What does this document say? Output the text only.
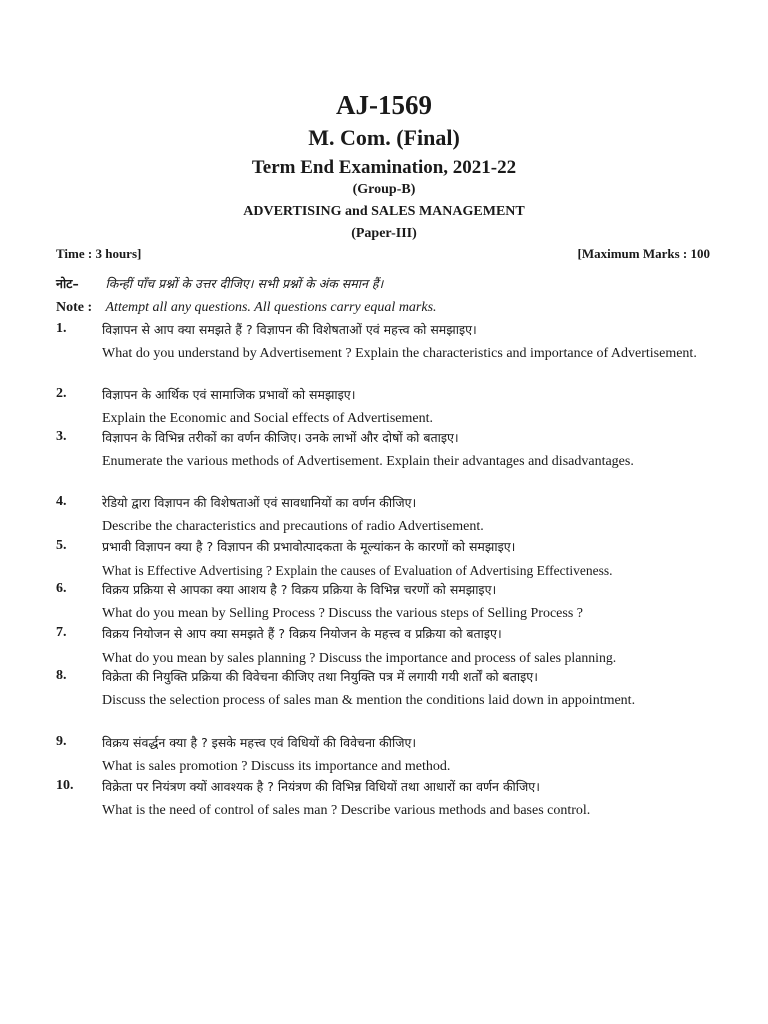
AJ-1569
M. Com. (Final)
Term End Examination, 2021-22
(Group-B)
ADVERTISING and SALES MANAGEMENT
(Paper-III)
Time : 3 hours]	[Maximum Marks : 100
नोट– किन्हीं पाँच प्रश्नों के उत्तर दीजिए। सभी प्रश्नों के अंक समान हैं।
Note : Attempt all any questions. All questions carry equal marks.
1.	विज्ञापन से आप क्या समझते हैं ? विज्ञापन की विशेषताओं एवं महत्त्व को समझाइए।
What do you understand by Advertisement ? Explain the characteristics and importance of Advertisement.
2.	विज्ञापन के आर्थिक एवं सामाजिक प्रभावों को समझाइए।
Explain the Economic and Social effects of Advertisement.
3.	विज्ञापन के विभिन्न तरीकों का वर्णन कीजिए। उनके लाभों और दोषों को बताइए।
Enumerate the various methods of Advertisement. Explain their advantages and disadvantages.
4.	रेडियो द्वारा विज्ञापन की विशेषताओं एवं सावधानियों का वर्णन कीजिए।
Describe the characteristics and precautions of radio Advertisement.
5.	प्रभावी विज्ञापन क्या है ? विज्ञापन की प्रभावोत्पादकता के मूल्यांकन के कारणों को समझाइए।
What is Effective Advertising ? Explain the causes of Evaluation of Advertising Effectiveness.
6.	विक्रय प्रक्रिया से आपका क्या आशय है ? विक्रय प्रक्रिया के विभिन्न चरणों को समझाइए।
What do you mean by Selling Process ? Discuss the various steps of Selling Process ?
7.	विक्रय नियोजन से आप क्या समझते हैं ? विक्रय नियोजन के महत्त्व व प्रक्रिया को बताइए।
What do you mean by sales planning ? Discuss the importance and process of sales planning.
8.	विक्रेता की नियुक्ति प्रक्रिया की विवेचना कीजिए तथा नियुक्ति पत्र में लगायी गयी शर्तों को बताइए।
Discuss the selection process of sales man & mention the conditions laid down in appointment.
9.	विक्रय संवर्द्धन क्या है ? इसके महत्त्व एवं विधियों की विवेचना कीजिए।
What is sales promotion ? Discuss its importance and method.
10.	विक्रेता पर नियंत्रण क्यों आवश्यक है ? नियंत्रण की विभिन्न विधियों तथा आधारों का वर्णन कीजिए।
What is the need of control of sales man ? Describe various methods and bases control.
